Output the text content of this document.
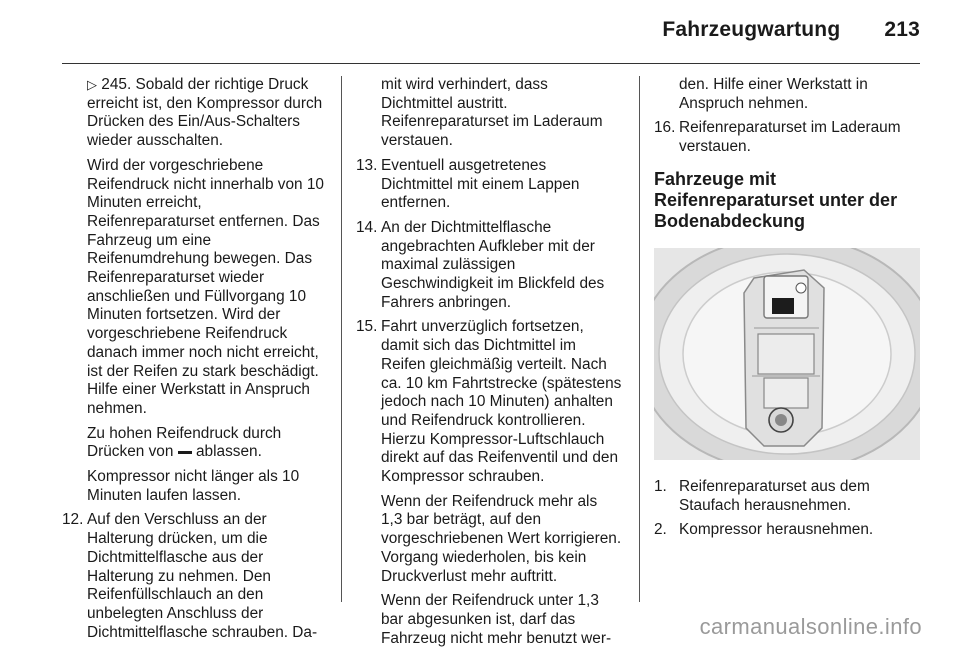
Fahrzeugwartung 213

▷ 245. Sobald der richtige Druck erreicht ist, den Kompressor durch Drücken des Ein/Aus-Schalters wieder ausschalten.

Wird der vorgeschriebene Reifendruck nicht innerhalb von 10 Minuten erreicht, Reifenreparaturset entfernen. Das Fahrzeug um eine Reifenumdrehung bewegen. Das Reifenreparaturset wieder anschließen und Füllvorgang 10 Minuten fortsetzen. Wird der vorgeschriebene Reifendruck danach immer noch nicht erreicht, ist der Reifen zu stark beschädigt. Hilfe einer Werkstatt in Anspruch nehmen.

Zu hohen Reifendruck durch Drücken von ablassen.

Kompressor nicht länger als 10 Minuten laufen lassen.

12. Auf den Verschluss an der Halterung drücken, um die Dichtmittelflasche aus der Halterung zu nehmen. Den Reifenfüllschlauch an den unbelegten Anschluss der Dichtmittelflasche schrauben. Da-

mit wird verhindert, dass Dichtmittel austritt. Reifenreparaturset im Laderaum verstauen.

13. Eventuell ausgetretenes Dichtmittel mit einem Lappen entfernen.
14. An der Dichtmittelflasche angebrachten Aufkleber mit der maximal zulässigen Geschwindigkeit im Blickfeld des Fahrers anbringen.
15. Fahrt unverzüglich fortsetzen, damit sich das Dichtmittel im Reifen gleichmäßig verteilt. Nach ca. 10 km Fahrtstrecke (spätestens jedoch nach 10 Minuten) anhalten und Reifendruck kontrollieren. Hierzu Kompressor-Luftschlauch direkt auf das Reifenventil und den Kompressor schrauben.

Wenn der Reifendruck mehr als 1,3 bar beträgt, auf den vorgeschriebenen Wert korrigieren. Vorgang wiederholen, bis kein Druckverlust mehr auftritt.

Wenn der Reifendruck unter 1,3 bar abgesunken ist, darf das Fahrzeug nicht mehr benutzt wer-

den. Hilfe einer Werkstatt in Anspruch nehmen.

16. Reifenreparaturset im Laderaum verstauen.
Fahrzeuge mit Reifenreparaturset unter der Bodenabdeckung
1. Reifenreparaturset aus dem Staufach herausnehmen.
2. Kompressor herausnehmen.
carmanualsonline.info
